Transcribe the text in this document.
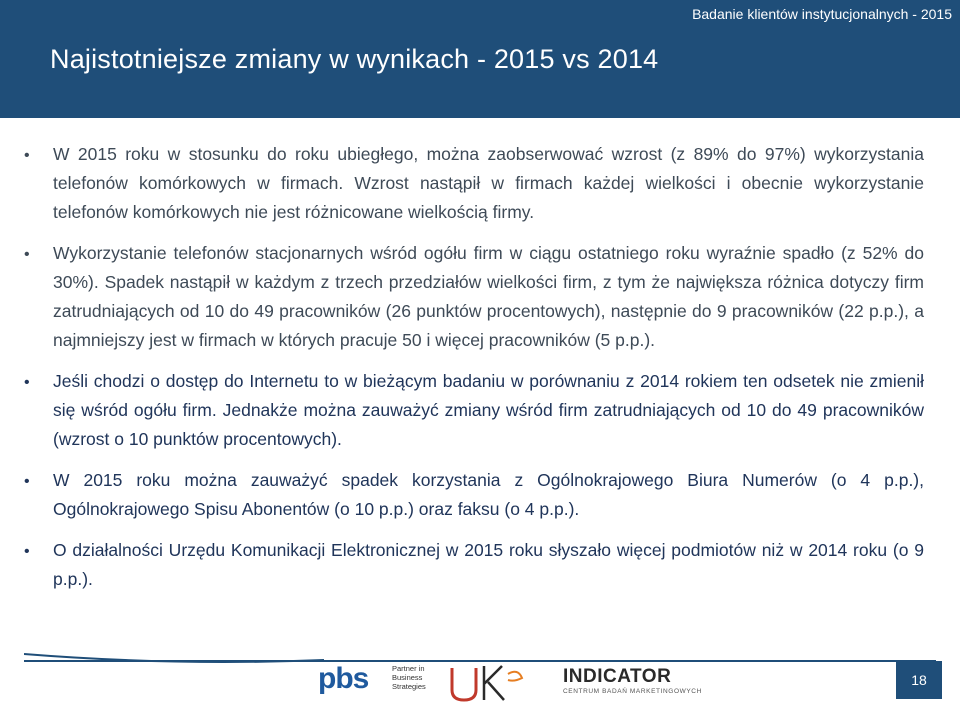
Badanie klientów instytucjonalnych - 2015
Najistotniejsze zmiany w wynikach - 2015 vs 2014
• W 2015 roku w stosunku do roku ubiegłego, można zaobserwować wzrost (z 89% do 97%) wykorzystania telefonów komórkowych w firmach. Wzrost nastąpił w firmach każdej wielkości i obecnie wykorzystanie telefonów komórkowych nie jest różnicowane wielkością firmy.
• Wykorzystanie telefonów stacjonarnych wśród ogółu firm w ciągu ostatniego roku wyraźnie spadło (z 52% do 30%). Spadek nastąpił w każdym z trzech przedziałów wielkości firm, z tym że największa różnica dotyczy firm zatrudniających od 10 do 49 pracowników (26 punktów procentowych), następnie do 9 pracowników (22 p.p.), a najmniejszy jest w firmach w których pracuje 50 i więcej pracowników (5 p.p.).
• Jeśli chodzi o dostęp do Internetu to w bieżącym badaniu w porównaniu z 2014 rokiem ten odsetek nie zmienił się wśród ogółu firm. Jednakże można zauważyć zmiany wśród firm zatrudniających od 10 do 49 pracowników (wzrost o 10 punktów procentowych).
• W 2015 roku można zauważyć spadek korzystania z Ogólnokrajowego Biura Numerów (o 4 p.p.), Ogólnokrajowego Spisu Abonentów (o 10 p.p.) oraz faksu (o 4 p.p.).
• O działalności Urzędu Komunikacji Elektronicznej w 2015 roku słyszało więcej podmiotów niż w 2014 roku (o 9 p.p.).
pbs	Partner in Business Strategies	INDICATOR
CENTRUM BADAŃ MARKETINGOWYCH
18
